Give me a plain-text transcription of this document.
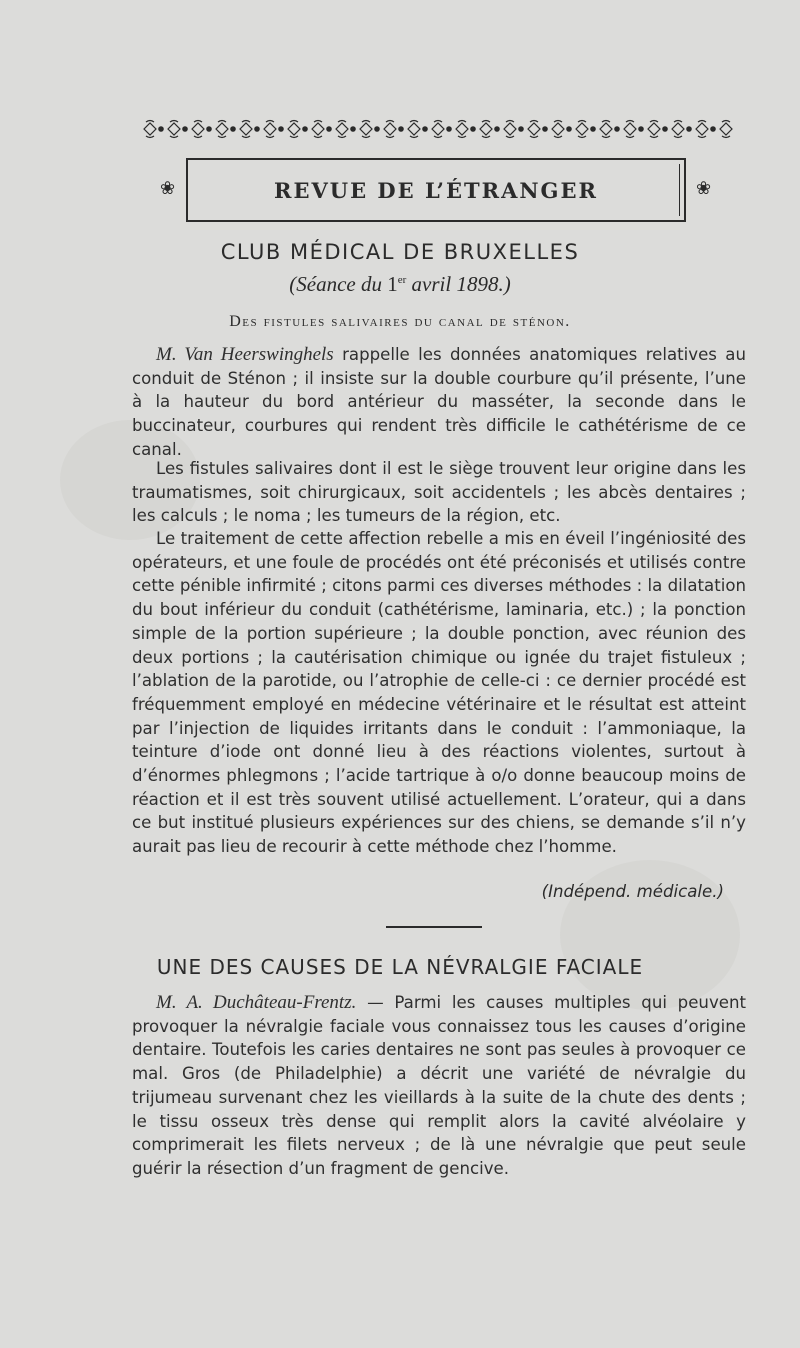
❀	REVUE DE L’ÉTRANGER	❀
CLUB MÉDICAL DE BRUXELLES
(Séance du 1er avril 1898.)
Des fistules salivaires du canal de sténon.
M. Van Heerswinghels rappelle les données anatomiques relatives au conduit de Sténon ; il insiste sur la double courbure qu’il présente, l’une à la hauteur du bord antérieur du masséter, la seconde dans le buccinateur, courbures qui rendent très difficile le cathétérisme de ce canal.
Les fistules salivaires dont il est le siège trouvent leur origine dans les traumatismes, soit chirurgicaux, soit accidentels ; les abcès dentaires ; les calculs ; le noma ; les tumeurs de la région, etc.
Le traitement de cette affection rebelle a mis en éveil l’ingéniosité des opérateurs, et une foule de procédés ont été préconisés et utilisés contre cette pénible infirmité ; citons parmi ces diverses méthodes : la dilatation du bout inférieur du conduit (cathétérisme, laminaria, etc.) ; la ponction simple de la portion supérieure ; la double ponction, avec réunion des deux portions ; la cautérisation chimique ou ignée du trajet fistuleux ; l’ablation de la parotide, ou l’atrophie de celle-ci : ce dernier procédé est fréquemment employé en médecine vétérinaire et le résultat est atteint par l’injection de liquides irritants dans le conduit : l’ammoniaque, la teinture d’iode ont donné lieu à des réactions violentes, surtout à d’énormes phlegmons ; l’acide tartrique à o/o donne beaucoup moins de réaction et il est très souvent utilisé actuellement. L’orateur, qui a dans ce but institué plusieurs expériences sur des chiens, se demande s’il n’y aurait pas lieu de recourir à cette méthode chez l’homme.
(Indépend. médicale.)
UNE DES CAUSES DE LA NÉVRALGIE FACIALE
M. A. Duchâteau-Frentz. — Parmi les causes multiples qui peuvent provoquer la névralgie faciale vous connaissez tous les causes d’origine dentaire. Toutefois les caries dentaires ne sont pas seules à provoquer ce mal. Gros (de Philadelphie) a décrit une variété de névralgie du trijumeau survenant chez les vieillards à la suite de la chute des dents ; le tissu osseux très dense qui remplit alors la cavité alvéolaire y comprimerait les filets nerveux ; de là une névralgie que peut seule guérir la résection d’un fragment de gencive.
